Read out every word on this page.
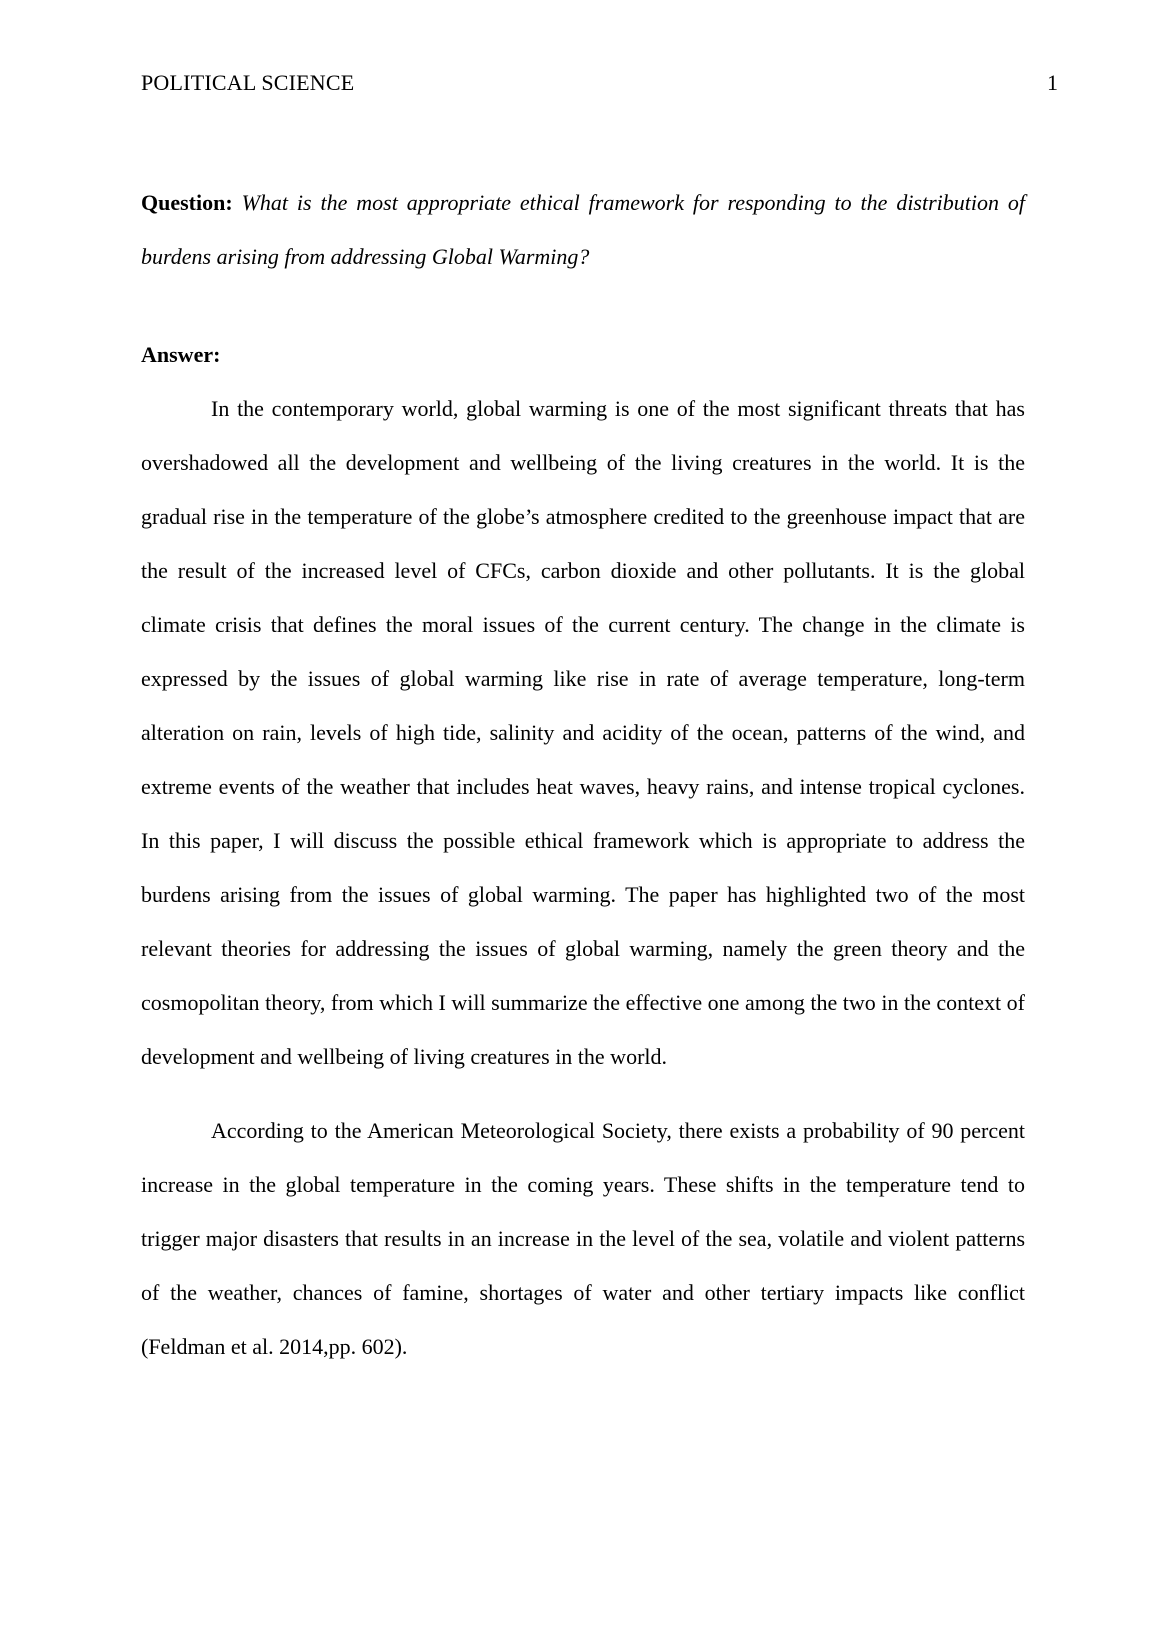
POLITICAL SCIENCE	1

Question: What is the most appropriate ethical framework for responding to the distribution of burdens arising from addressing Global Warming?

Answer:

In the contemporary world, global warming is one of the most significant threats that has overshadowed all the development and wellbeing of the living creatures in the world. It is the gradual rise in the temperature of the globe’s atmosphere credited to the greenhouse impact that are the result of the increased level of CFCs, carbon dioxide and other pollutants. It is the global climate crisis that defines the moral issues of the current century. The change in the climate is expressed by the issues of global warming like rise in rate of average temperature, long-term alteration on rain, levels of high tide, salinity and acidity of the ocean, patterns of the wind, and extreme events of the weather that includes heat waves, heavy rains, and intense tropical cyclones. In this paper, I will discuss the possible ethical framework which is appropriate to address the burdens arising from the issues of global warming. The paper has highlighted two of the most relevant theories for addressing the issues of global warming, namely the green theory and the cosmopolitan theory, from which I will summarize the effective one among the two in the context of development and wellbeing of living creatures in the world.

According to the American Meteorological Society, there exists a probability of 90 percent increase in the global temperature in the coming years. These shifts in the temperature tend to trigger major disasters that results in an increase in the level of the sea, volatile and violent patterns of the weather, chances of famine, shortages of water and other tertiary impacts like conflict (Feldman et al. 2014,pp. 602).
